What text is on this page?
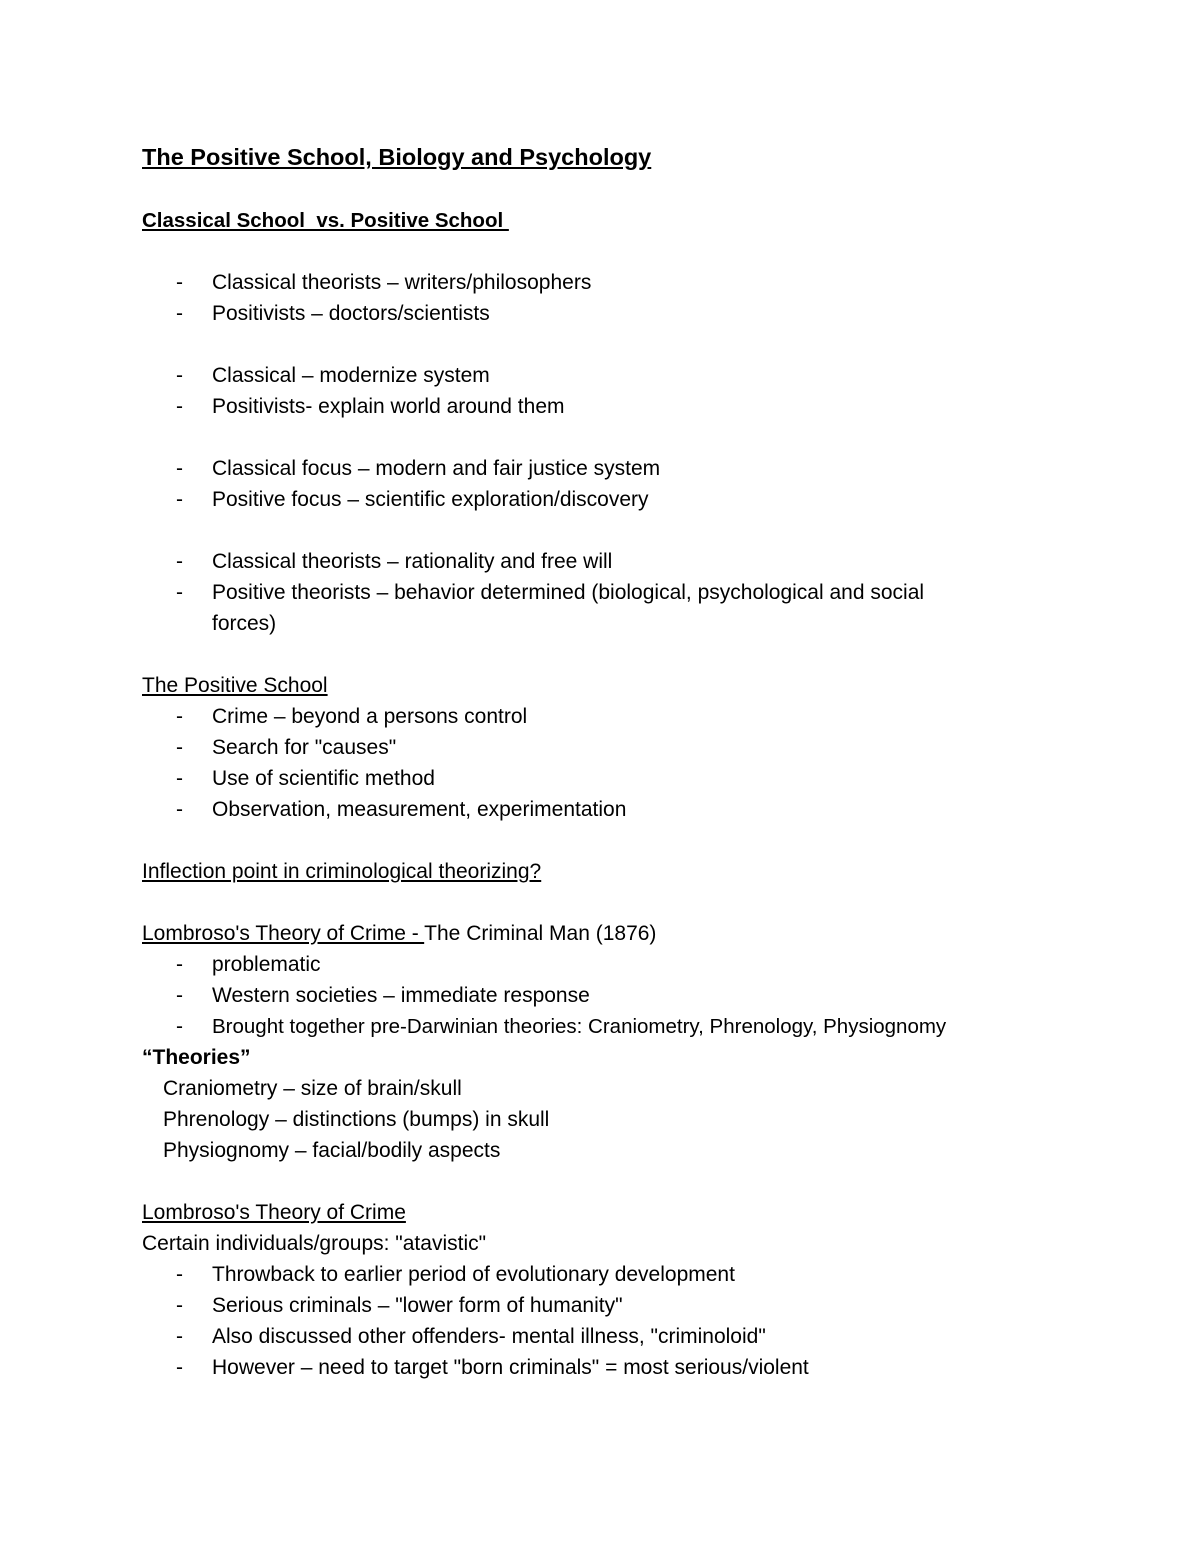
The Positive School, Biology and Psychology
Classical School  vs. Positive School
- Classical theorists – writers/philosophers
- Positivists – doctors/scientists
- Classical – modernize system
- Positivists- explain world around them
- Classical focus – modern and fair justice system
- Positive focus – scientific exploration/discovery
- Classical theorists – rationality and free will
- Positive theorists – behavior determined (biological, psychological and social
forces)
The Positive School
- Crime – beyond a persons control
- Search for "causes"
- Use of scientific method
- Observation, measurement, experimentation
Inflection point in criminological theorizing?
Lombroso's Theory of Crime - The Criminal Man (1876)
- problematic
- Western societies – immediate response
- Brought together pre-Darwinian theories: Craniometry, Phrenology, Physiognomy
“Theories”
Craniometry – size of brain/skull
Phrenology – distinctions (bumps) in skull
Physiognomy – facial/bodily aspects
Lombroso's Theory of Crime
Certain individuals/groups: "atavistic"
- Throwback to earlier period of evolutionary development
- Serious criminals – "lower form of humanity"
- Also discussed other offenders- mental illness, "criminoloid"
- However – need to target "born criminals" = most serious/violent
